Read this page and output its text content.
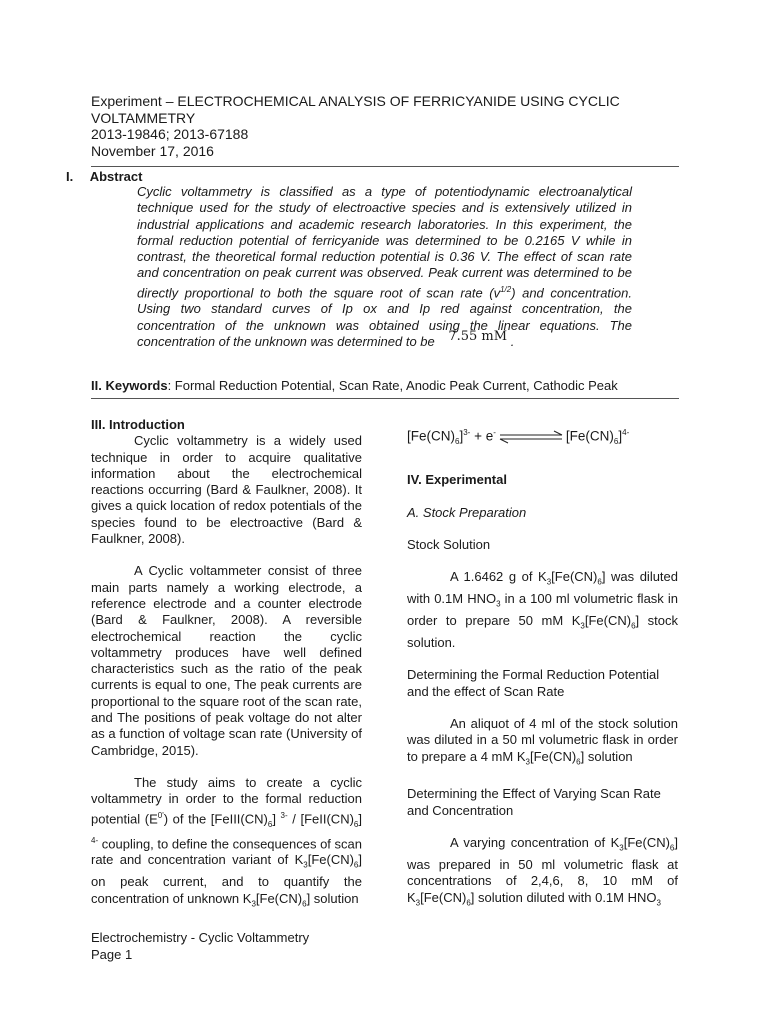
Experiment – ELECTROCHEMICAL ANALYSIS OF FERRICYANIDE USING CYCLIC
VOLTAMMETRY
2013-19846; 2013-67188
November 17, 2016
I. Abstract
Cyclic voltammetry is classified as a type of potentiodynamic electroanalytical technique used for the study of electroactive species and is extensively utilized in industrial applications and academic research laboratories. In this experiment, the formal reduction potential of ferricyanide was determined to be 0.2165 V while in contrast, the theoretical formal reduction potential is 0.36 V. The effect of scan rate and concentration on peak current was observed. Peak current was determined to be directly proportional to both the square root of scan rate $(v^{1/2})$ and concentration. Using two standard curves of Ip ox and Ip red against concentration, the concentration of the unknown was obtained using the linear equations. The concentration of the unknown was determined to be 7.55 mM .
II. Keywords: Formal Reduction Potential, Scan Rate, Anodic Peak Current, Cathodic Peak

III. Introduction

Cyclic voltammetry is a widely used technique in order to acquire qualitative information about the electrochemical reactions occurring (Bard & Faulkner, 2008). It gives a quick location of redox potentials of the species found to be electroactive (Bard & Faulkner, 2008).

A Cyclic voltammeter consist of three main parts namely a working electrode, a reference electrode and a counter electrode (Bard & Faulkner, 2008). A reversible electrochemical reaction the cyclic voltammetry produces have well defined characteristics such as the ratio of the peak currents is equal to one, The peak currents are proportional to the square root of the scan rate, and The positions of peak voltage do not alter as a function of voltage scan rate (University of Cambridge, 2015).

The study aims to create a cyclic voltammetry in order to the formal reduction potential $(E^{0'})$ of the $[FeIII(CN)_6]$ $^{3-} / [FeII(CN)_6]$ $^{4-}$ coupling, to define the consequences of scan rate and concentration variant of $K_3[Fe(CN)_6]$ on peak current, and to quantify the concentration of unknown $K_3[Fe(CN)_6]$ solution

$[Fe(CN)_6]^{3-} + e^-$	$[Fe(CN)_6]^{4-}$

IV. Experimental

A. Stock Preparation

Stock Solution

A 1.6462 g of $K_3[Fe(CN)_6]$ was diluted with 0.1M $HNO_3$ in a 100 ml volumetric flask in order to prepare 50 mM $K_3[Fe(CN)_6]$ stock solution.

Determining the Formal Reduction Potential and the effect of Scan Rate

An aliquot of 4 ml of the stock solution was diluted in a 50 ml volumetric flask in order to prepare a 4 mM $K_3[Fe(CN)_6]$ solution

Determining the Effect of Varying Scan Rate and Concentration

A varying concentration of $K_3[Fe(CN)_6]$ was prepared in 50 ml volumetric flask at concentrations of 2,4,6, 8, 10 mM of $K_3[Fe(CN)_6]$ solution diluted with 0.1M $HNO_3$

Electrochemistry - Cyclic Voltammetry
Page 1
